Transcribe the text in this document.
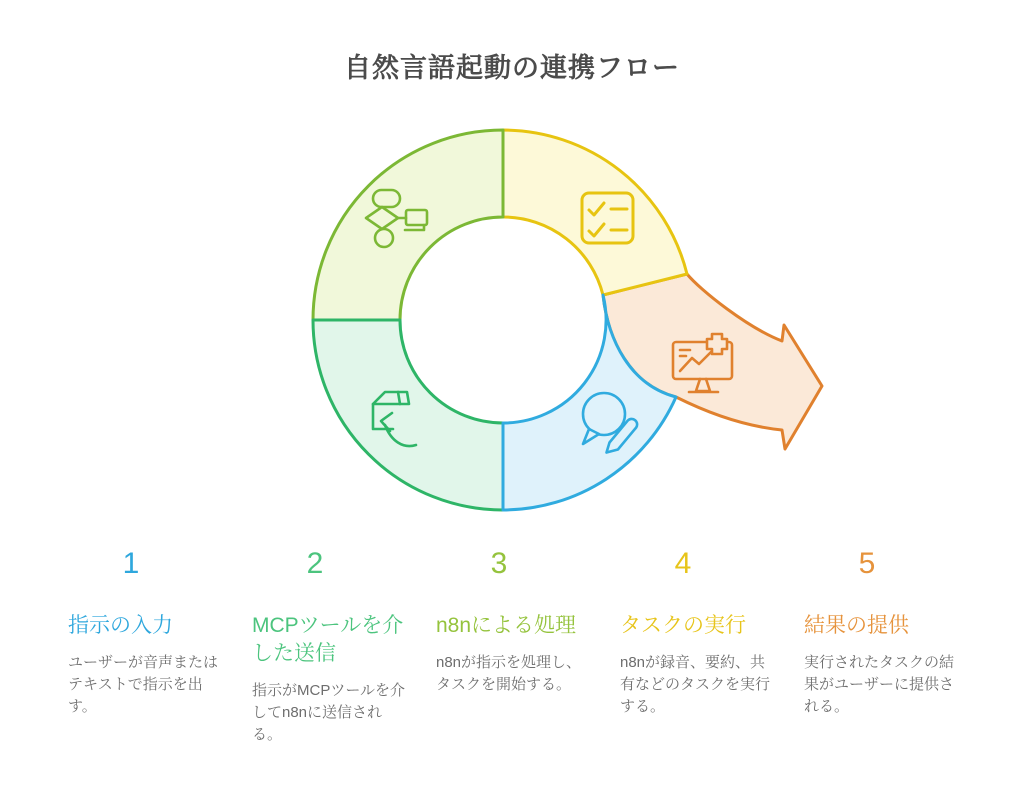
自然言語起動の連携フロー
1
指示の入力
ユーザーが音声またはテキストで指示を出す。
2
MCPツールを介した送信
指示がMCPツールを介してn8nに送信される。
3
n8nによる処理
n8nが指示を処理し、タスクを開始する。
4
タスクの実行
n8nが録音、要約、共有などのタスクを実行する。
5
結果の提供
実行されたタスクの結果がユーザーに提供される。
